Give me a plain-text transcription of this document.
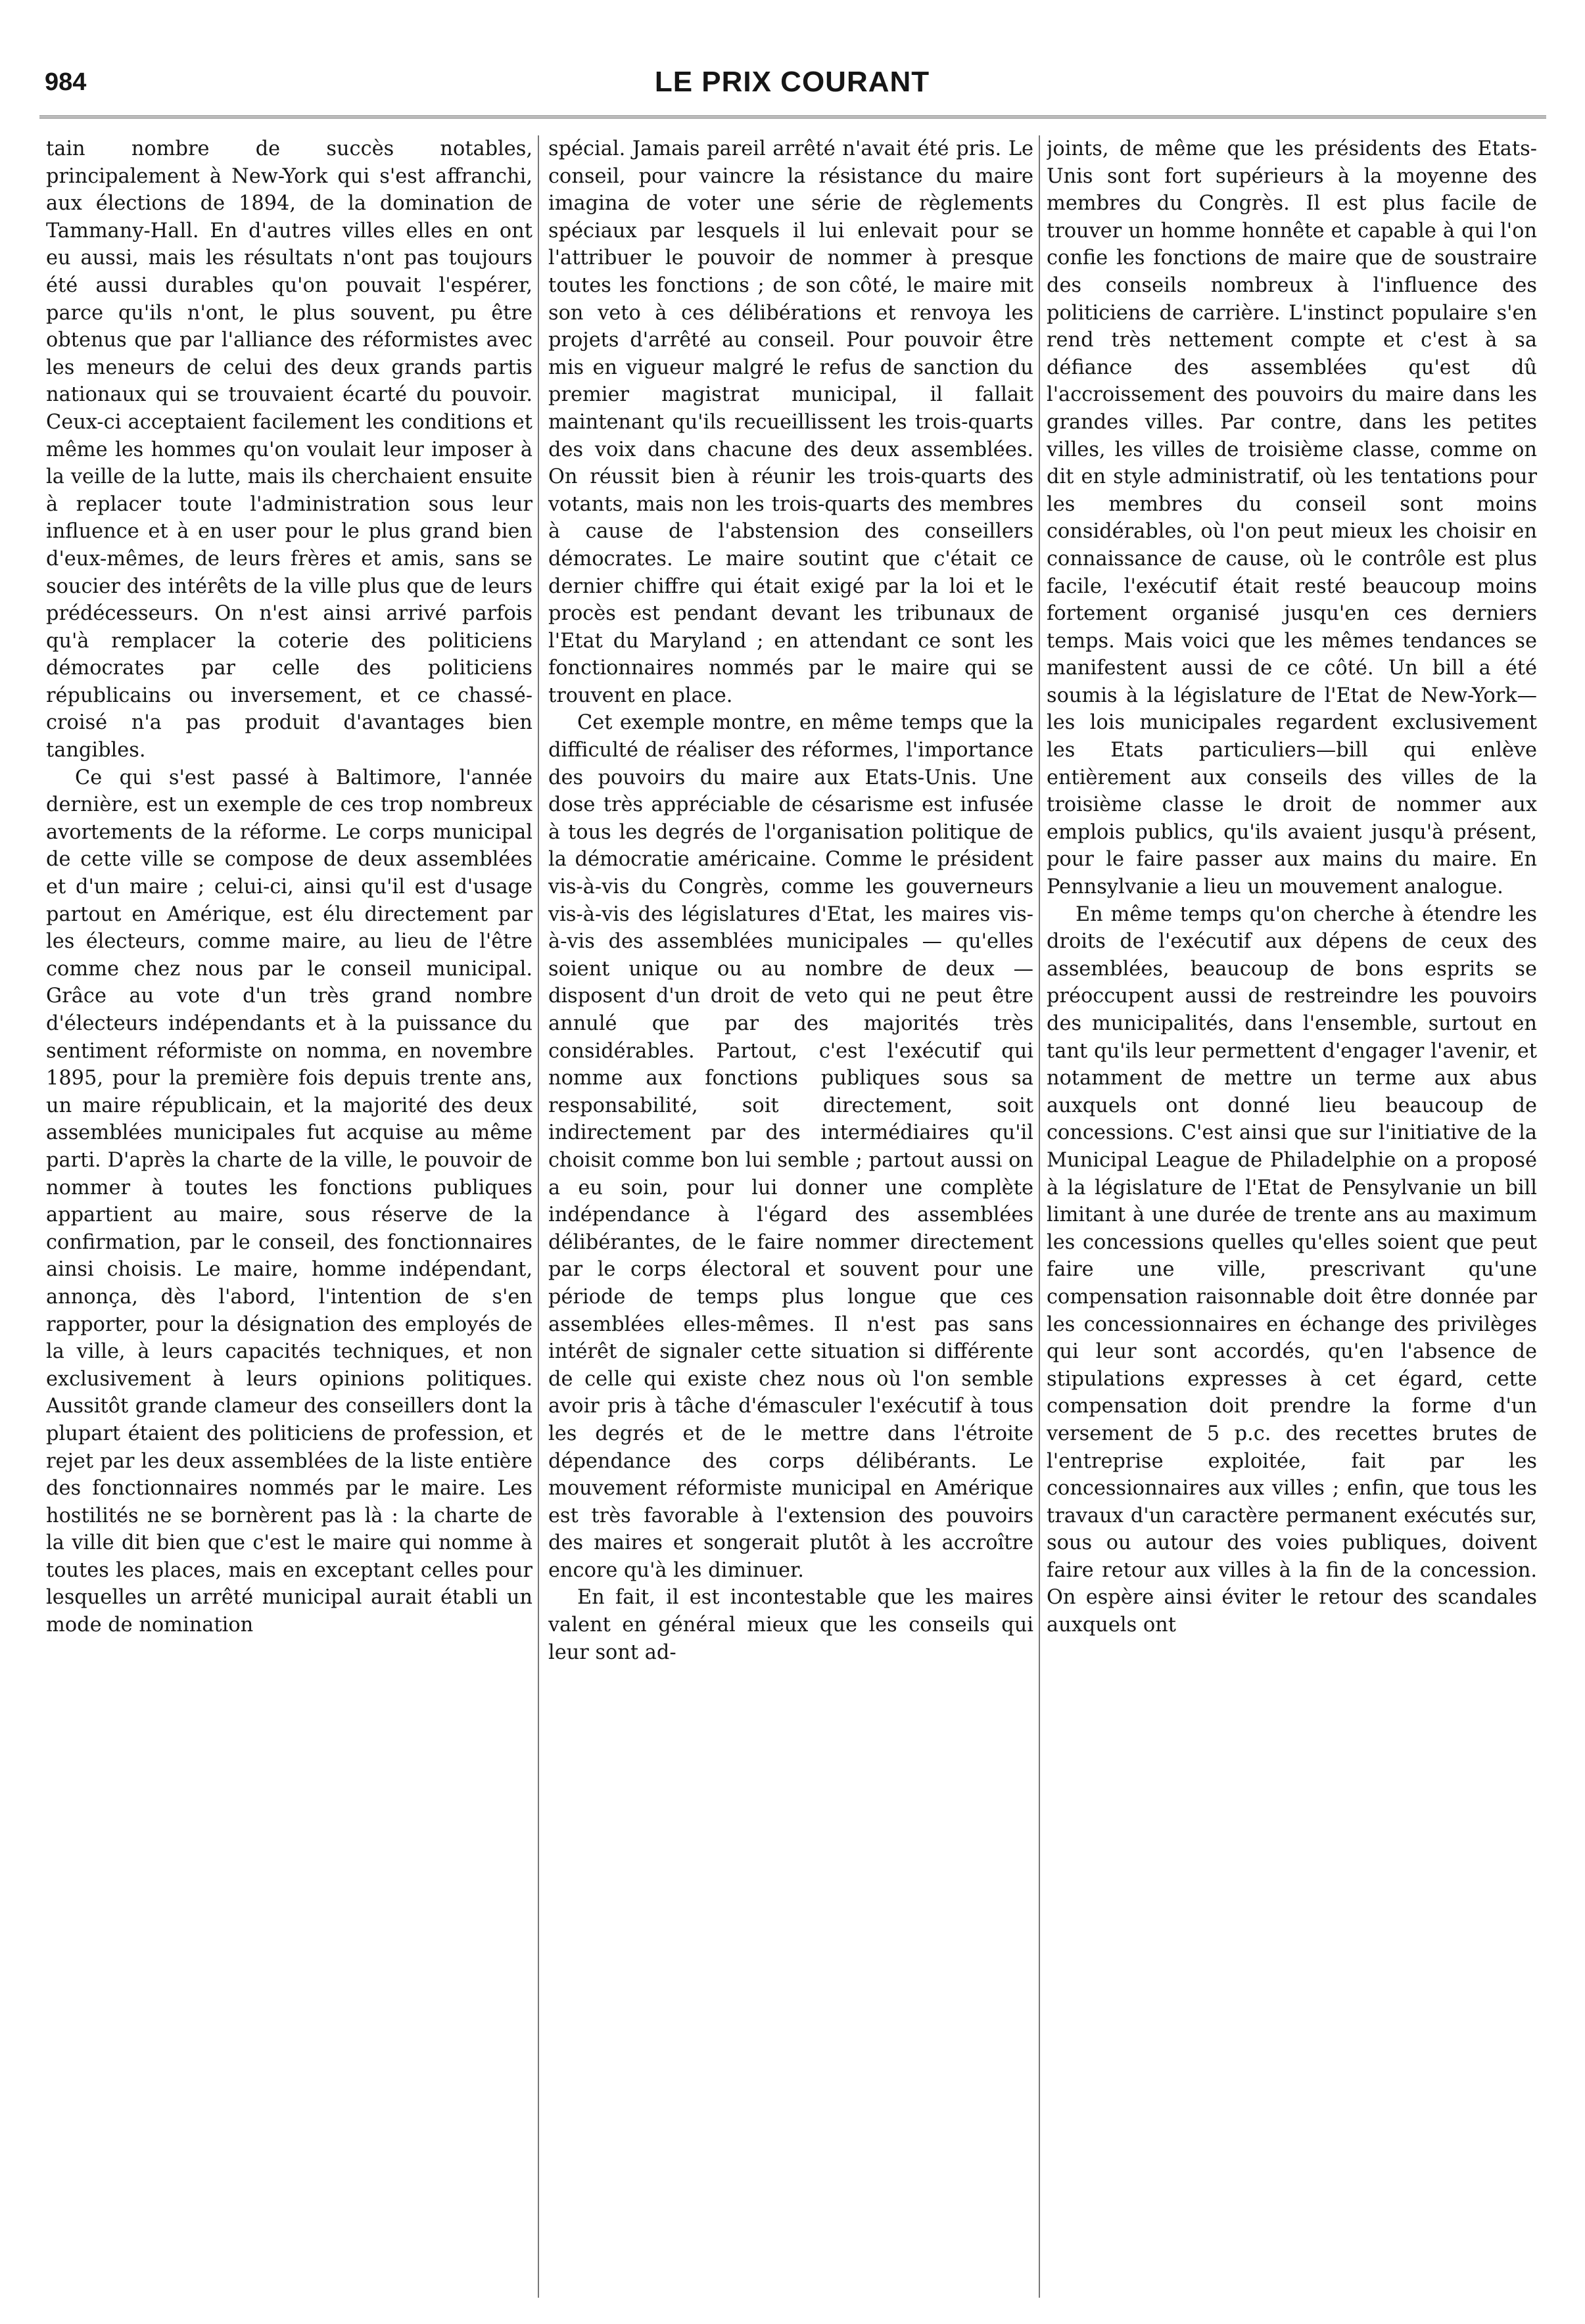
984	LE PRIX COURANT

tain nombre de succès notables, principalement à New-York qui s'est affranchi, aux élections de 1894, de la domination de Tammany-Hall. En d'autres villes elles en ont eu aussi, mais les résultats n'ont pas toujours été aussi durables qu'on pouvait l'espérer, parce qu'ils n'ont, le plus souvent, pu être obtenus que par l'alliance des réformistes avec les meneurs de celui des deux grands partis nationaux qui se trouvaient écarté du pouvoir. Ceux-ci acceptaient facilement les conditions et même les hommes qu'on voulait leur imposer à la veille de la lutte, mais ils cherchaient ensuite à replacer toute l'administration sous leur influence et à en user pour le plus grand bien d'eux-mêmes, de leurs frères et amis, sans se soucier des intérêts de la ville plus que de leurs prédécesseurs. On n'est ainsi arrivé parfois qu'à remplacer la coterie des politiciens démocrates par celle des politiciens républicains ou inversement, et ce chassé-croisé n'a pas produit d'avantages bien tangibles.

Ce qui s'est passé à Baltimore, l'année dernière, est un exemple de ces trop nombreux avortements de la réforme. Le corps municipal de cette ville se compose de deux assemblées et d'un maire ; celui-ci, ainsi qu'il est d'usage partout en Amérique, est élu directement par les électeurs, comme maire, au lieu de l'être comme chez nous par le conseil municipal. Grâce au vote d'un très grand nombre d'électeurs indépendants et à la puissance du sentiment réformiste on nomma, en novembre 1895, pour la première fois depuis trente ans, un maire républicain, et la majorité des deux assemblées municipales fut acquise au même parti. D'après la charte de la ville, le pouvoir de nommer à toutes les fonctions publiques appartient au maire, sous réserve de la confirmation, par le conseil, des fonctionnaires ainsi choisis. Le maire, homme indépendant, annonça, dès l'abord, l'intention de s'en rapporter, pour la désignation des employés de la ville, à leurs capacités techniques, et non exclusivement à leurs opinions politiques. Aussitôt grande clameur des conseillers dont la plupart étaient des politiciens de profession, et rejet par les deux assemblées de la liste entière des fonctionnaires nommés par le maire. Les hostilités ne se bornèrent pas là : la charte de la ville dit bien que c'est le maire qui nomme à toutes les places, mais en exceptant celles pour lesquelles un arrêté municipal aurait établi un mode de nomination

spécial. Jamais pareil arrêté n'avait été pris. Le conseil, pour vaincre la résistance du maire imagina de voter une série de règlements spéciaux par lesquels il lui enlevait pour se l'attribuer le pouvoir de nommer à presque toutes les fonctions ; de son côté, le maire mit son veto à ces délibérations et renvoya les projets d'arrêté au conseil. Pour pouvoir être mis en vigueur malgré le refus de sanction du premier magistrat municipal, il fallait maintenant qu'ils recueillissent les trois-quarts des voix dans chacune des deux assemblées. On réussit bien à réunir les trois-quarts des votants, mais non les trois-quarts des membres à cause de l'abstension des conseillers démocrates. Le maire soutint que c'était ce dernier chiffre qui était exigé par la loi et le procès est pendant devant les tribunaux de l'Etat du Maryland ; en attendant ce sont les fonctionnaires nommés par le maire qui se trouvent en place.

Cet exemple montre, en même temps que la difficulté de réaliser des réformes, l'importance des pouvoirs du maire aux Etats-Unis. Une dose très appréciable de césarisme est infusée à tous les degrés de l'organisation politique de la démocratie américaine. Comme le président vis-à-vis du Congrès, comme les gouverneurs vis-à-vis des législatures d'Etat, les maires vis-à-vis des assemblées municipales — qu'elles soient unique ou au nombre de deux —disposent d'un droit de veto qui ne peut être annulé que par des majorités très considérables. Partout, c'est l'exécutif qui nomme aux fonctions publiques sous sa responsabilité, soit directement, soit indirectement par des intermédiaires qu'il choisit comme bon lui semble ; partout aussi on a eu soin, pour lui donner une complète indépendance à l'égard des assemblées délibérantes, de le faire nommer directement par le corps électoral et souvent pour une période de temps plus longue que ces assemblées elles-mêmes. Il n'est pas sans intérêt de signaler cette situation si différente de celle qui existe chez nous où l'on semble avoir pris à tâche d'émasculer l'exécutif à tous les degrés et de le mettre dans l'étroite dépendance des corps délibérants. Le mouvement réformiste municipal en Amérique est très favorable à l'extension des pouvoirs des maires et songerait plutôt à les accroître encore qu'à les diminuer.

En fait, il est incontestable que les maires valent en général mieux que les conseils qui leur sont ad-

joints, de même que les présidents des Etats-Unis sont fort supérieurs à la moyenne des membres du Congrès. Il est plus facile de trouver un homme honnête et capable à qui l'on confie les fonctions de maire que de soustraire des conseils nombreux à l'influence des politiciens de carrière. L'instinct populaire s'en rend très nettement compte et c'est à sa défiance des assemblées qu'est dû l'accroissement des pouvoirs du maire dans les grandes villes. Par contre, dans les petites villes, les villes de troisième classe, comme on dit en style administratif, où les tentations pour les membres du conseil sont moins considérables, où l'on peut mieux les choisir en connaissance de cause, où le contrôle est plus facile, l'exécutif était resté beaucoup moins fortement organisé jusqu'en ces derniers temps. Mais voici que les mêmes tendances se manifestent aussi de ce côté. Un bill a été soumis à la législature de l'Etat de New-York—les lois municipales regardent exclusivement les Etats particuliers—bill qui enlève entièrement aux conseils des villes de la troisième classe le droit de nommer aux emplois publics, qu'ils avaient jusqu'à présent, pour le faire passer aux mains du maire. En Pennsylvanie a lieu un mouvement analogue.

En même temps qu'on cherche à étendre les droits de l'exécutif aux dépens de ceux des assemblées, beaucoup de bons esprits se préoccupent aussi de restreindre les pouvoirs des municipalités, dans l'ensemble, surtout en tant qu'ils leur permettent d'engager l'avenir, et notamment de mettre un terme aux abus auxquels ont donné lieu beaucoup de concessions. C'est ainsi que sur l'initiative de la Municipal League de Philadelphie on a proposé à la législature de l'Etat de Pensylvanie un bill limitant à une durée de trente ans au maximum les concessions quelles qu'elles soient que peut faire une ville, prescrivant qu'une compensation raisonnable doit être donnée par les concessionnaires en échange des privilèges qui leur sont accordés, qu'en l'absence de stipulations expresses à cet égard, cette compensation doit prendre la forme d'un versement de 5 p.c. des recettes brutes de l'entreprise exploitée, fait par les concessionnaires aux villes ; enfin, que tous les travaux d'un caractère permanent exécutés sur, sous ou autour des voies publiques, doivent faire retour aux villes à la fin de la concession. On espère ainsi éviter le retour des scandales auxquels ont
